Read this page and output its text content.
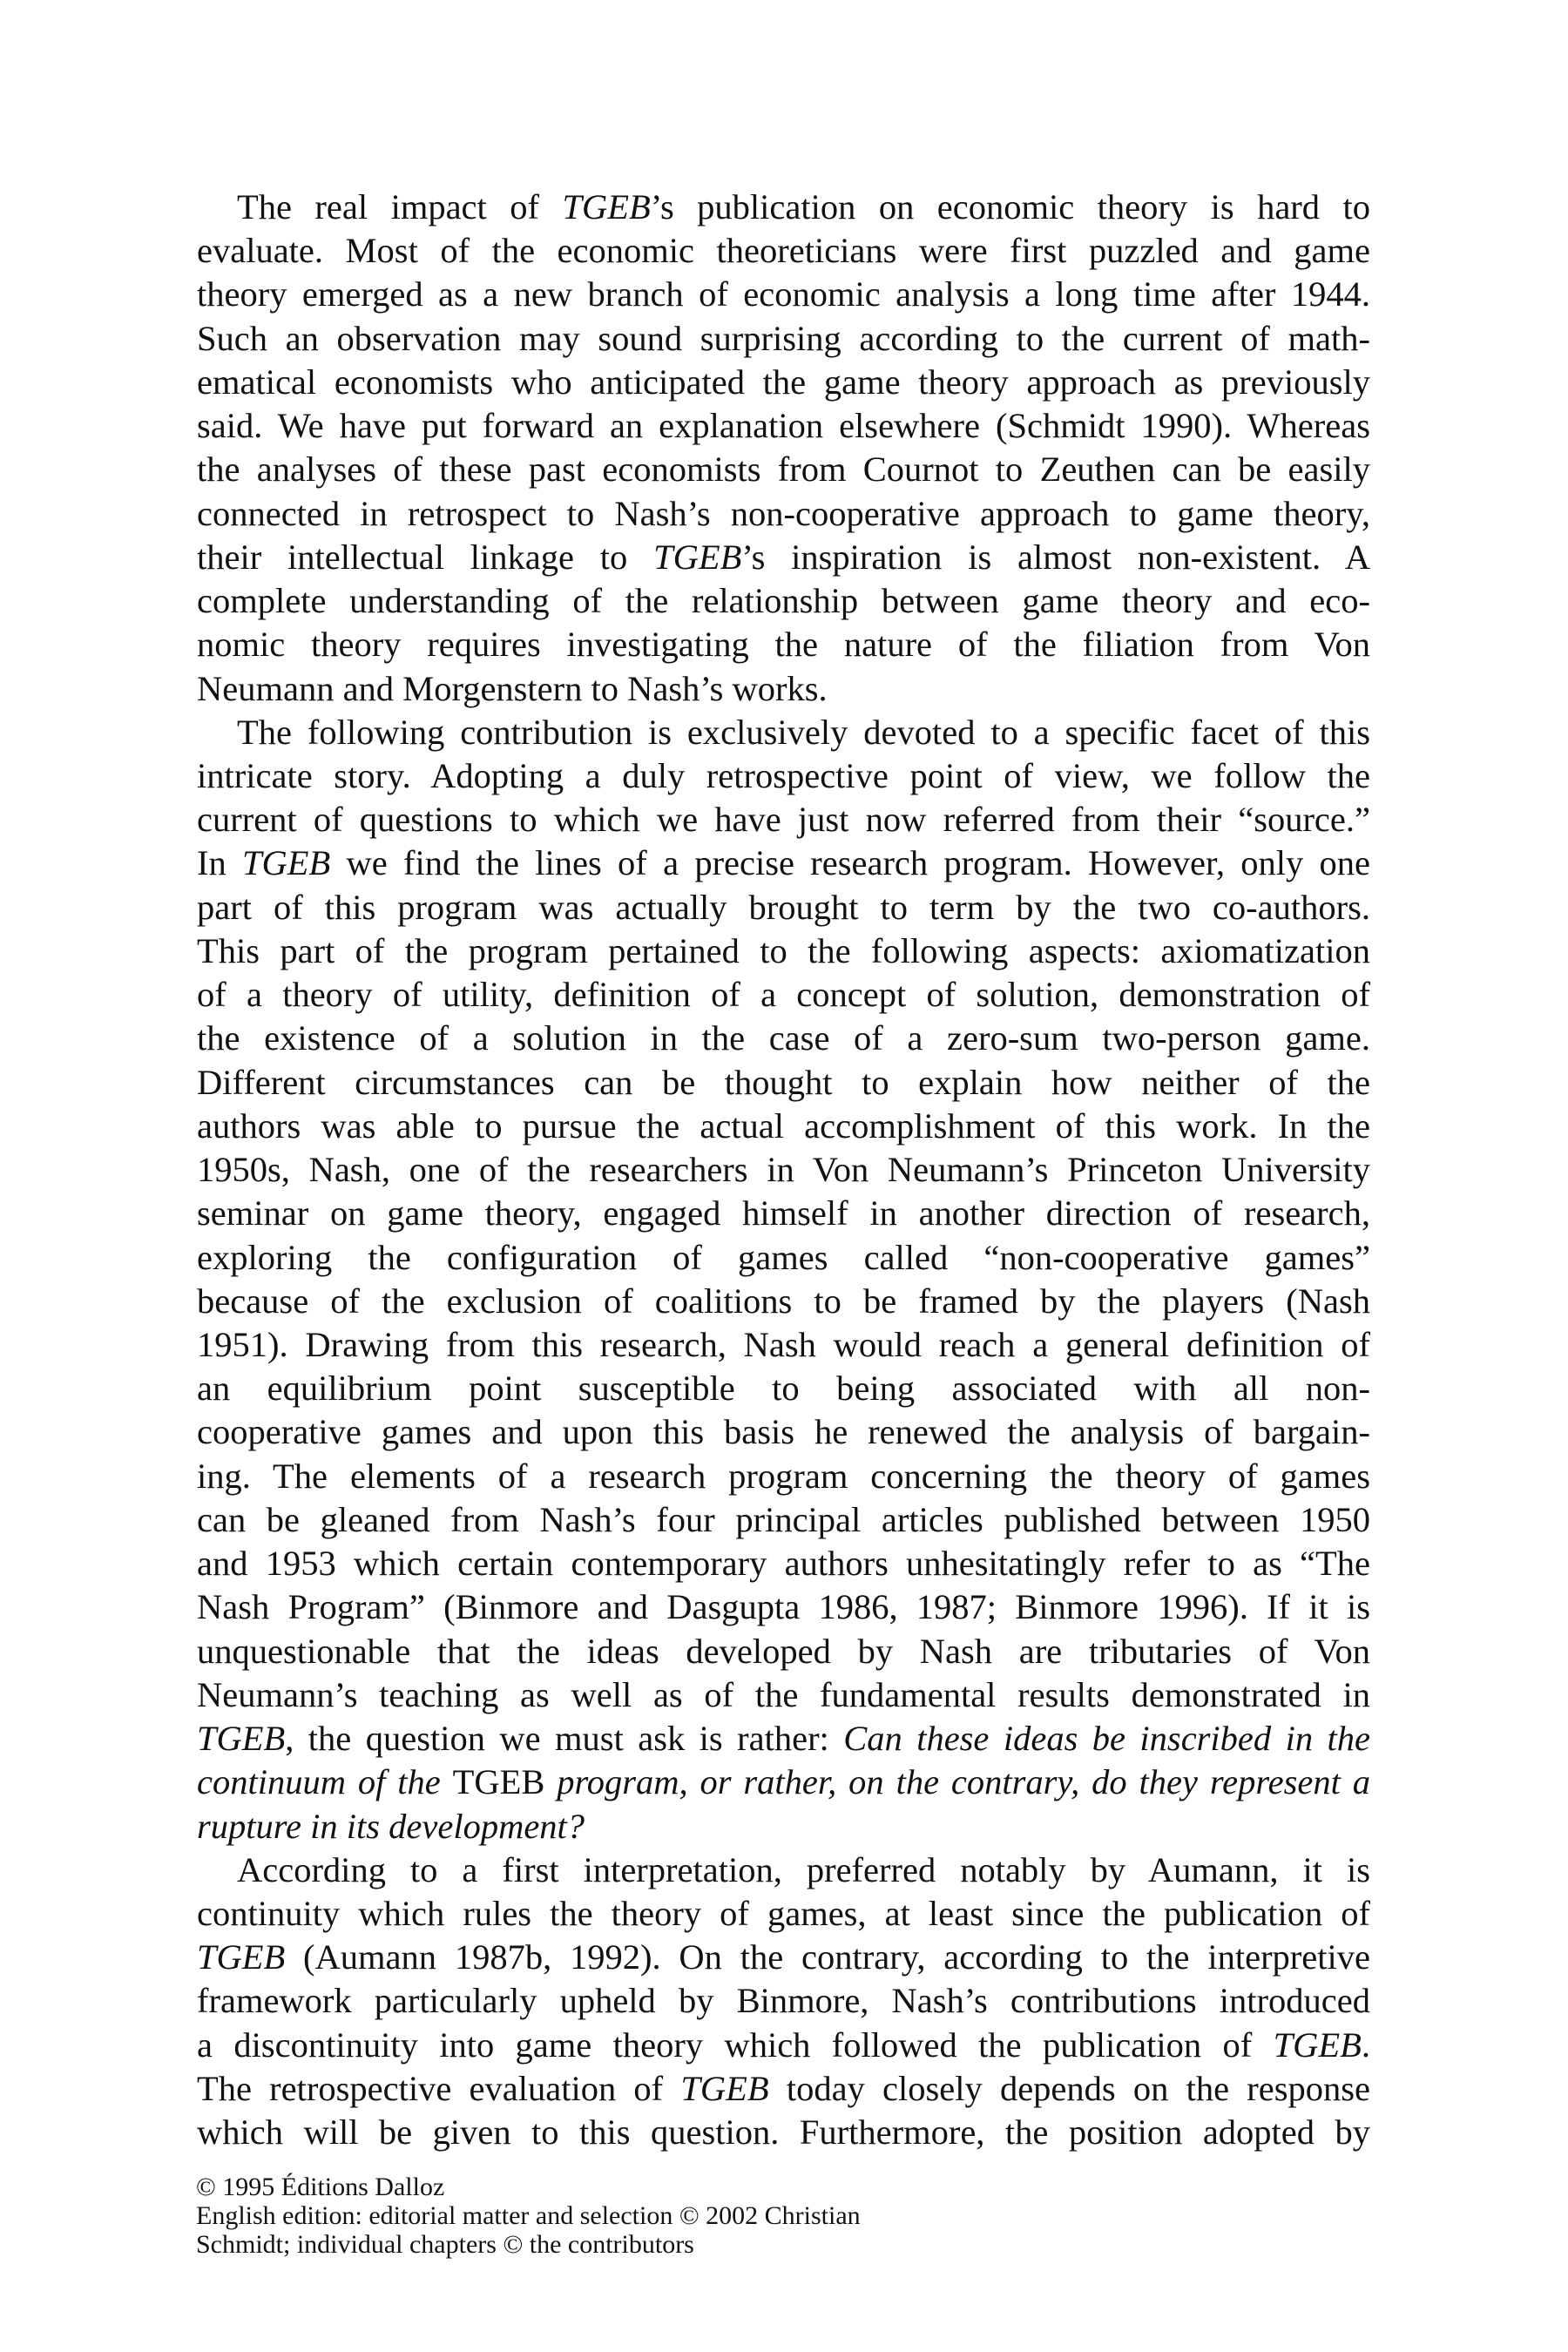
The real impact of TGEB’s publication on economic theory is hard to
evaluate. Most of the economic theoreticians were first puzzled and game
theory emerged as a new branch of economic analysis a long time after 1944.
Such an observation may sound surprising according to the current of math-
ematical economists who anticipated the game theory approach as previously
said. We have put forward an explanation elsewhere (Schmidt 1990). Whereas
the analyses of these past economists from Cournot to Zeuthen can be easily
connected in retrospect to Nash’s non-cooperative approach to game theory,
their intellectual linkage to TGEB’s inspiration is almost non-existent. A
complete understanding of the relationship between game theory and eco-
nomic theory requires investigating the nature of the filiation from Von
Neumann and Morgenstern to Nash’s works.
The following contribution is exclusively devoted to a specific facet of this
intricate story. Adopting a duly retrospective point of view, we follow the
current of questions to which we have just now referred from their “source.”
In TGEB we find the lines of a precise research program. However, only one
part of this program was actually brought to term by the two co-authors.
This part of the program pertained to the following aspects: axiomatization
of a theory of utility, definition of a concept of solution, demonstration of
the existence of a solution in the case of a zero-sum two-person game.
Different circumstances can be thought to explain how neither of the
authors was able to pursue the actual accomplishment of this work. In the
1950s, Nash, one of the researchers in Von Neumann’s Princeton University
seminar on game theory, engaged himself in another direction of research,
exploring the configuration of games called “non-cooperative games”
because of the exclusion of coalitions to be framed by the players (Nash
1951). Drawing from this research, Nash would reach a general definition of
an equilibrium point susceptible to being associated with all non-
cooperative games and upon this basis he renewed the analysis of bargain-
ing. The elements of a research program concerning the theory of games
can be gleaned from Nash’s four principal articles published between 1950
and 1953 which certain contemporary authors unhesitatingly refer to as “The
Nash Program” (Binmore and Dasgupta 1986, 1987; Binmore 1996). If it is
unquestionable that the ideas developed by Nash are tributaries of Von
Neumann’s teaching as well as of the fundamental results demonstrated in
TGEB, the question we must ask is rather: Can these ideas be inscribed in the
continuum of the TGEB program, or rather, on the contrary, do they represent a
rupture in its development?
According to a first interpretation, preferred notably by Aumann, it is
continuity which rules the theory of games, at least since the publication of
TGEB (Aumann 1987b, 1992). On the contrary, according to the interpretive
framework particularly upheld by Binmore, Nash’s contributions introduced
a discontinuity into game theory which followed the publication of TGEB.
The retrospective evaluation of TGEB today closely depends on the response
which will be given to this question. Furthermore, the position adopted by
© 1995 Éditions Dalloz
English edition: editorial matter and selection © 2002 Christian
Schmidt; individual chapters © the contributors
